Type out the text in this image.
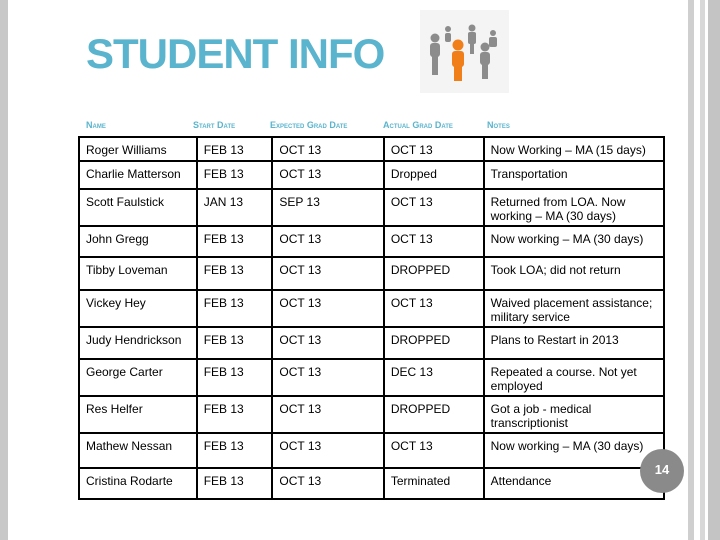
STUDENT INFO
Name	Start Date	Expected Grad Date	Actual Grad Date	Notes
Roger Williams	FEB 13	OCT 13	OCT 13	Now Working – MA (15 days)
Charlie Matterson	FEB 13	OCT 13	Dropped	Transportation
Scott Faulstick	JAN 13	SEP 13	OCT 13	Returned from LOA. Now working – MA (30 days)
John Gregg	FEB 13	OCT 13	OCT 13	Now working – MA (30 days)
Tibby Loveman	FEB 13	OCT 13	DROPPED	Took LOA; did not return
Vickey Hey	FEB 13	OCT 13	OCT 13	Waived placement assistance; military service
Judy Hendrickson	FEB 13	OCT 13	DROPPED	Plans to Restart in 2013
George Carter	FEB 13	OCT 13	DEC 13	Repeated a course. Not yet employed
Res Helfer	FEB 13	OCT 13	DROPPED	Got a job - medical transcriptionist
Mathew Nessan	FEB 13	OCT 13	OCT 13	Now working – MA (30 days)
Cristina Rodarte	FEB 13	OCT 13	Terminated	Attendance
14
